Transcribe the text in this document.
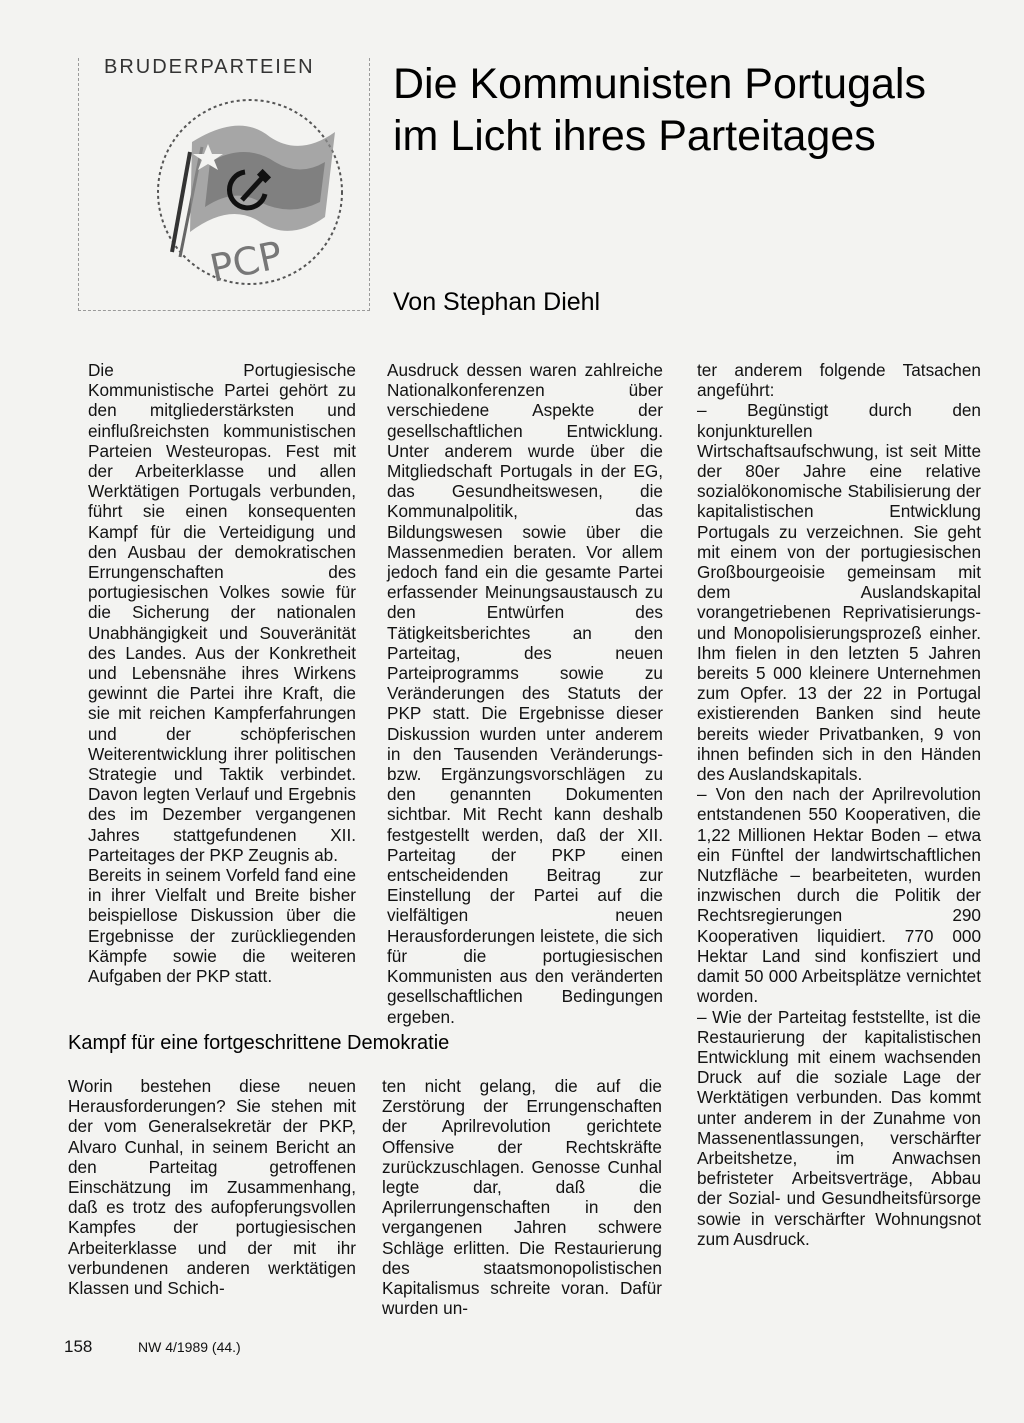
BRUDERPARTEIEN
PCP
Die Kommunisten Portugals
im Licht ihres Parteitages
Von Stephan Diehl

Die Portugiesische Kommunistische Partei gehört zu den mitgliederstärksten und einflußreichsten kommunistischen Parteien Westeuropas. Fest mit der Arbeiterklasse und allen Werktätigen Portugals verbunden, führt sie einen konsequenten Kampf für die Verteidigung und den Ausbau der demokratischen Errungenschaften des portugiesischen Volkes sowie für die Sicherung der nationalen Unabhängigkeit und Souveränität des Landes. Aus der Konkretheit und Lebensnähe ihres Wirkens gewinnt die Partei ihre Kraft, die sie mit reichen Kampferfahrungen und der schöpferischen Weiterentwicklung ihrer politischen Strategie und Taktik verbindet. Davon legten Verlauf und Ergebnis des im Dezember vergangenen Jahres stattgefundenen XII. Parteitages der PKP Zeugnis ab.

Bereits in seinem Vorfeld fand eine in ihrer Vielfalt und Breite bisher beispiellose Diskussion über die Ergebnisse der zurückliegenden Kämpfe sowie die weiteren Aufgaben der PKP statt.

Ausdruck dessen waren zahlreiche Nationalkonferenzen über verschiedene Aspekte der gesellschaftlichen Entwicklung. Unter anderem wurde über die Mitgliedschaft Portugals in der EG, das Gesundheitswesen, die Kommunalpolitik, das Bildungswesen sowie über die Massenmedien beraten. Vor allem jedoch fand ein die gesamte Partei erfassender Meinungsaustausch zu den Entwürfen des Tätigkeitsberichtes an den Parteitag, des neuen Parteiprogramms sowie zu Veränderungen des Statuts der PKP statt. Die Ergebnisse dieser Diskussion wurden unter anderem in den Tausenden Veränderungs- bzw. Ergänzungsvorschlägen zu den genannten Dokumenten sichtbar. Mit Recht kann deshalb festgestellt werden, daß der XII. Parteitag der PKP einen entscheidenden Beitrag zur Einstellung der Partei auf die vielfältigen neuen Herausforderungen leistete, die sich für die portugiesischen Kommunisten aus den veränderten gesellschaftlichen Bedingungen ergeben.

ter anderem folgende Tatsachen angeführt:

– Begünstigt durch den konjunkturellen Wirtschaftsaufschwung, ist seit Mitte der 80er Jahre eine relative sozialökonomische Stabilisierung der kapitalistischen Entwicklung Portugals zu verzeichnen. Sie geht mit einem von der portugiesischen Großbourgeoisie gemeinsam mit dem Auslandskapital vorangetriebenen Reprivatisierungs- und Monopolisierungsprozeß einher. Ihm fielen in den letzten 5 Jahren bereits 5 000 kleinere Unternehmen zum Opfer. 13 der 22 in Portugal existierenden Banken sind heute bereits wieder Privatbanken, 9 von ihnen befinden sich in den Händen des Auslandskapitals.

– Von den nach der Aprilrevolution entstandenen 550 Kooperativen, die 1,22 Millionen Hektar Boden – etwa ein Fünftel der landwirtschaftlichen Nutzfläche – bearbeiteten, wurden inzwischen durch die Politik der Rechtsregierungen 290 Kooperativen liquidiert. 770 000 Hektar Land sind konfisziert und damit 50 000 Arbeitsplätze vernichtet worden.

– Wie der Parteitag feststellte, ist die Restaurierung der kapitalistischen Entwicklung mit einem wachsenden Druck auf die soziale Lage der Werktätigen verbunden. Das kommt unter anderem in der Zunahme von Massenentlassungen, verschärfter Arbeitshetze, im Anwachsen befristeter Arbeitsverträge, Abbau der Sozial- und Gesundheitsfürsorge sowie in verschärfter Wohnungsnot zum Ausdruck.

Kampf für eine fortgeschrittene Demokratie

Worin bestehen diese neuen Herausforderungen? Sie stehen mit der vom Generalsekretär der PKP, Alvaro Cunhal, in seinem Bericht an den Parteitag getroffenen Einschätzung im Zusammenhang, daß es trotz des aufopferungsvollen Kampfes der portugiesischen Arbeiterklasse und der mit ihr verbundenen anderen werktätigen Klassen und Schich-

ten nicht gelang, die auf die Zerstörung der Errungenschaften der Aprilrevolution gerichtete Offensive der Rechtskräfte zurückzuschlagen. Genosse Cunhal legte dar, daß die Aprilerrungenschaften in den vergangenen Jahren schwere Schläge erlitten. Die Restaurierung des staatsmonopolistischen Kapitalismus schreite voran. Dafür wurden un-

158	NW 4/1989 (44.)
